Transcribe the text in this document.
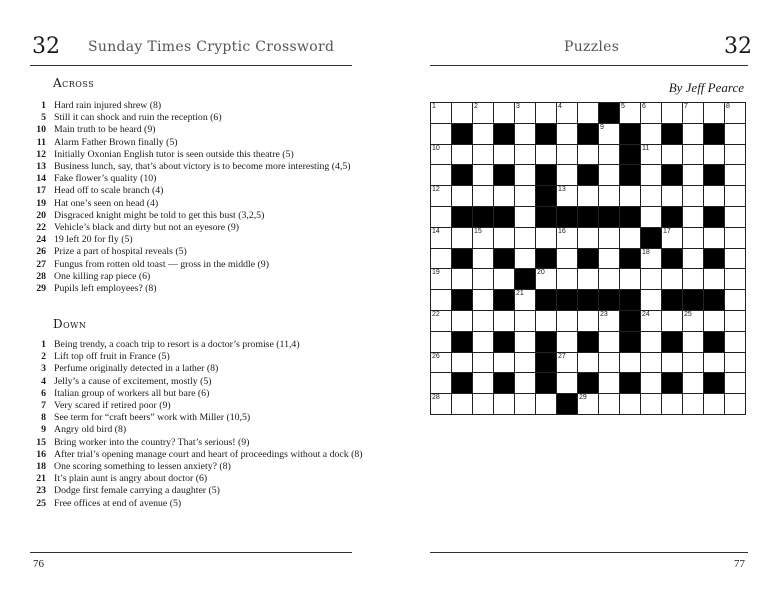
32 Sunday Times Cryptic Crossword
Across
1 Hard rain injured shrew (8)
5 Still it can shock and ruin the reception (6)
10 Main truth to be heard (9)
11 Alarm Father Brown finally (5)
12 Initially Oxonian English tutor is seen outside this theatre (5)
13 Business lunch, say, that’s about victory is to become more interesting (4,5)
14 Fake flower’s quality (10)
17 Head off to scale branch (4)
19 Hat one’s seen on head (4)
20 Disgraced knight might be told to get this bust (3,2,5)
22 Vehicle’s black and dirty but not an eyesore (9)
24 19 left 20 for fly (5)
26 Prize a part of hospital reveals (5)
27 Fungus from rotten old toast — gross in the middle (9)
28 One killing rap piece (6)
29 Pupils left employees? (8)
Down
1 Being trendy, a coach trip to resort is a doctor’s promise (11,4)
2 Lift top off fruit in France (5)
3 Perfume originally detected in a lather (8)
4 Jelly’s a cause of excitement, mostly (5)
6 Italian group of workers all but bare (6)
7 Very scared if retired poor (9)
8 See term for “craft beers” work with Miller (10,5)
9 Angry old bird (8)
15 Bring worker into the country? That’s serious! (9)
16 After trial’s opening manage court and heart of proceedings without a dock (8)
18 One scoring something to lessen anxiety? (8)
21 It’s plain aunt is angry about doctor (6)
23 Dodge first female carrying a daughter (5)
25 Free offices at end of avenue (5)
76
Puzzles	32
By Jeff Pearce
1	2	3	4	5 6	7	8
9
10	11
12	13
14	15	16	17
18
19	20
21
22	23	24	25
26	27
28	29
77
